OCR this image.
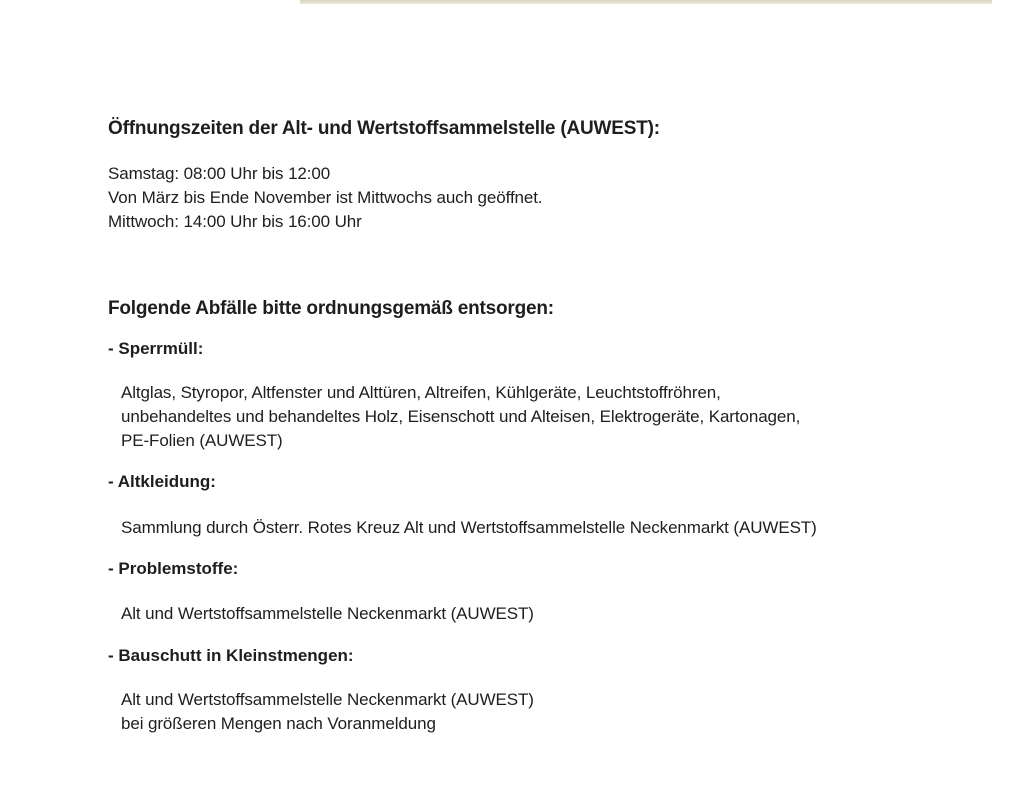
Öffnungszeiten der Alt- und Wertstoffsammelstelle (AUWEST):
Samstag: 08:00 Uhr bis 12:00
Von März bis Ende November ist Mittwochs auch geöffnet.
Mittwoch: 14:00 Uhr bis 16:00 Uhr
Folgende Abfälle bitte ordnungsgemäß entsorgen:
- Sperrmüll:
Altglas, Styropor, Altfenster und Alttüren, Altreifen, Kühlgeräte, Leuchtstoffröhren,
unbehandeltes und behandeltes Holz, Eisenschott und Alteisen, Elektrogeräte, Kartonagen,
PE-Folien (AUWEST)
- Altkleidung:
Sammlung durch Österr. Rotes Kreuz Alt und Wertstoffsammelstelle Neckenmarkt (AUWEST)
- Problemstoffe:
Alt und Wertstoffsammelstelle Neckenmarkt (AUWEST)
- Bauschutt in Kleinstmengen:
Alt und Wertstoffsammelstelle Neckenmarkt (AUWEST)
bei größeren Mengen nach Voranmeldung
